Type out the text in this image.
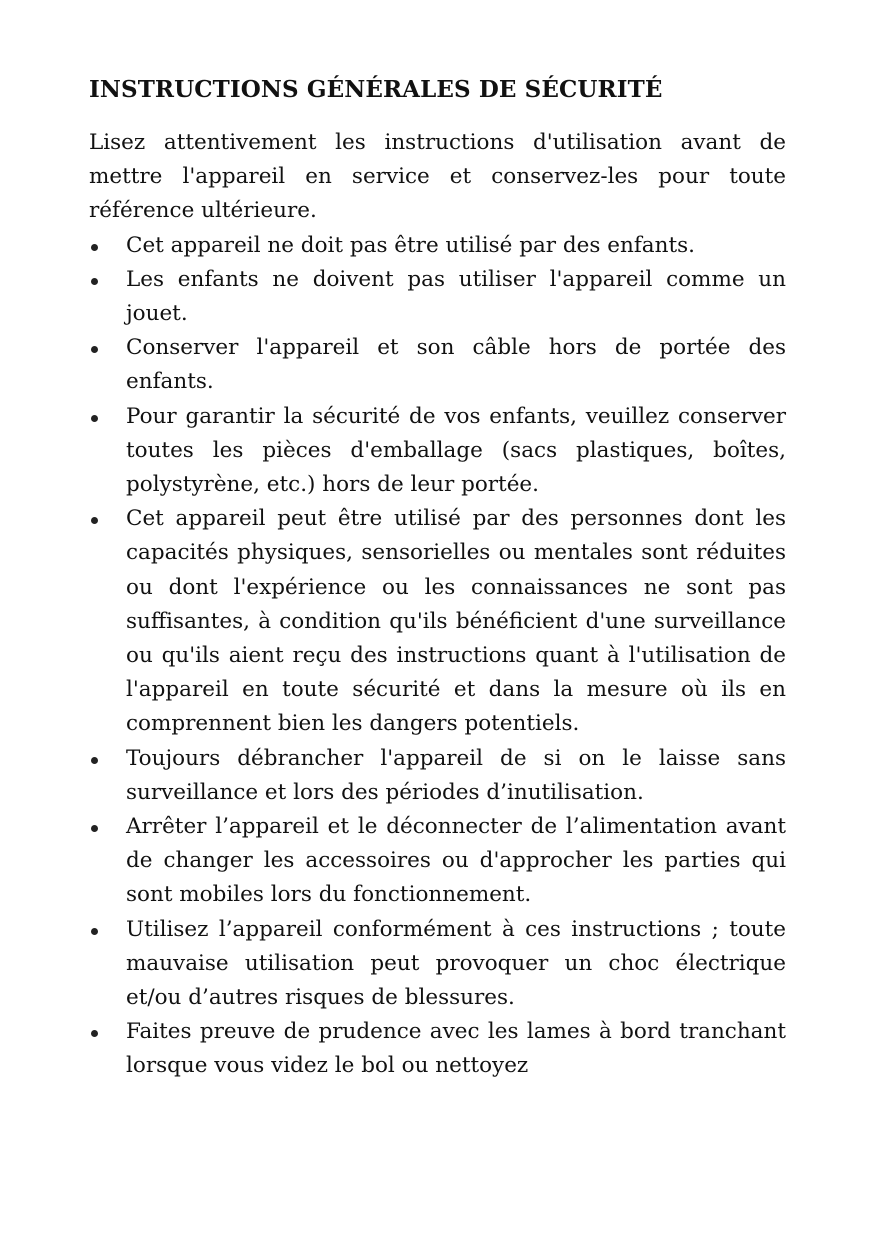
INSTRUCTIONS GÉNÉRALES DE SÉCURITÉ

Lisez attentivement les instructions d'utilisation avant de mettre l'appareil en service et conservez-les pour toute référence ultérieure.

Cet appareil ne doit pas être utilisé par des enfants.
Les enfants ne doivent pas utiliser l'appareil comme un jouet.
Conserver l'appareil et son câble hors de portée des enfants.
Pour garantir la sécurité de vos enfants, veuillez conserver toutes les pièces d'emballage (sacs plastiques, boîtes, polystyrène, etc.) hors de leur portée.
Cet appareil peut être utilisé par des personnes dont les capacités physiques, sensorielles ou mentales sont réduites ou dont l'expérience ou les connaissances ne sont pas suffisantes, à condition qu'ils bénéficient d'une surveillance ou qu'ils aient reçu des instructions quant à l'utilisation de l'appareil en toute sécurité et dans la mesure où ils en comprennent bien les dangers potentiels.
Toujours débrancher l'appareil de si on le laisse sans surveillance et lors des périodes d’inutilisation.
Arrêter l’appareil et le déconnecter de l’alimentation avant de changer les accessoires ou d'approcher les parties qui sont mobiles lors du fonctionnement.
Utilisez l’appareil conformément à ces instructions ; toute mauvaise utilisation peut provoquer un choc électrique et/ou d’autres risques de blessures.
Faites preuve de prudence avec les lames à bord tranchant lorsque vous videz le bol ou nettoyez
